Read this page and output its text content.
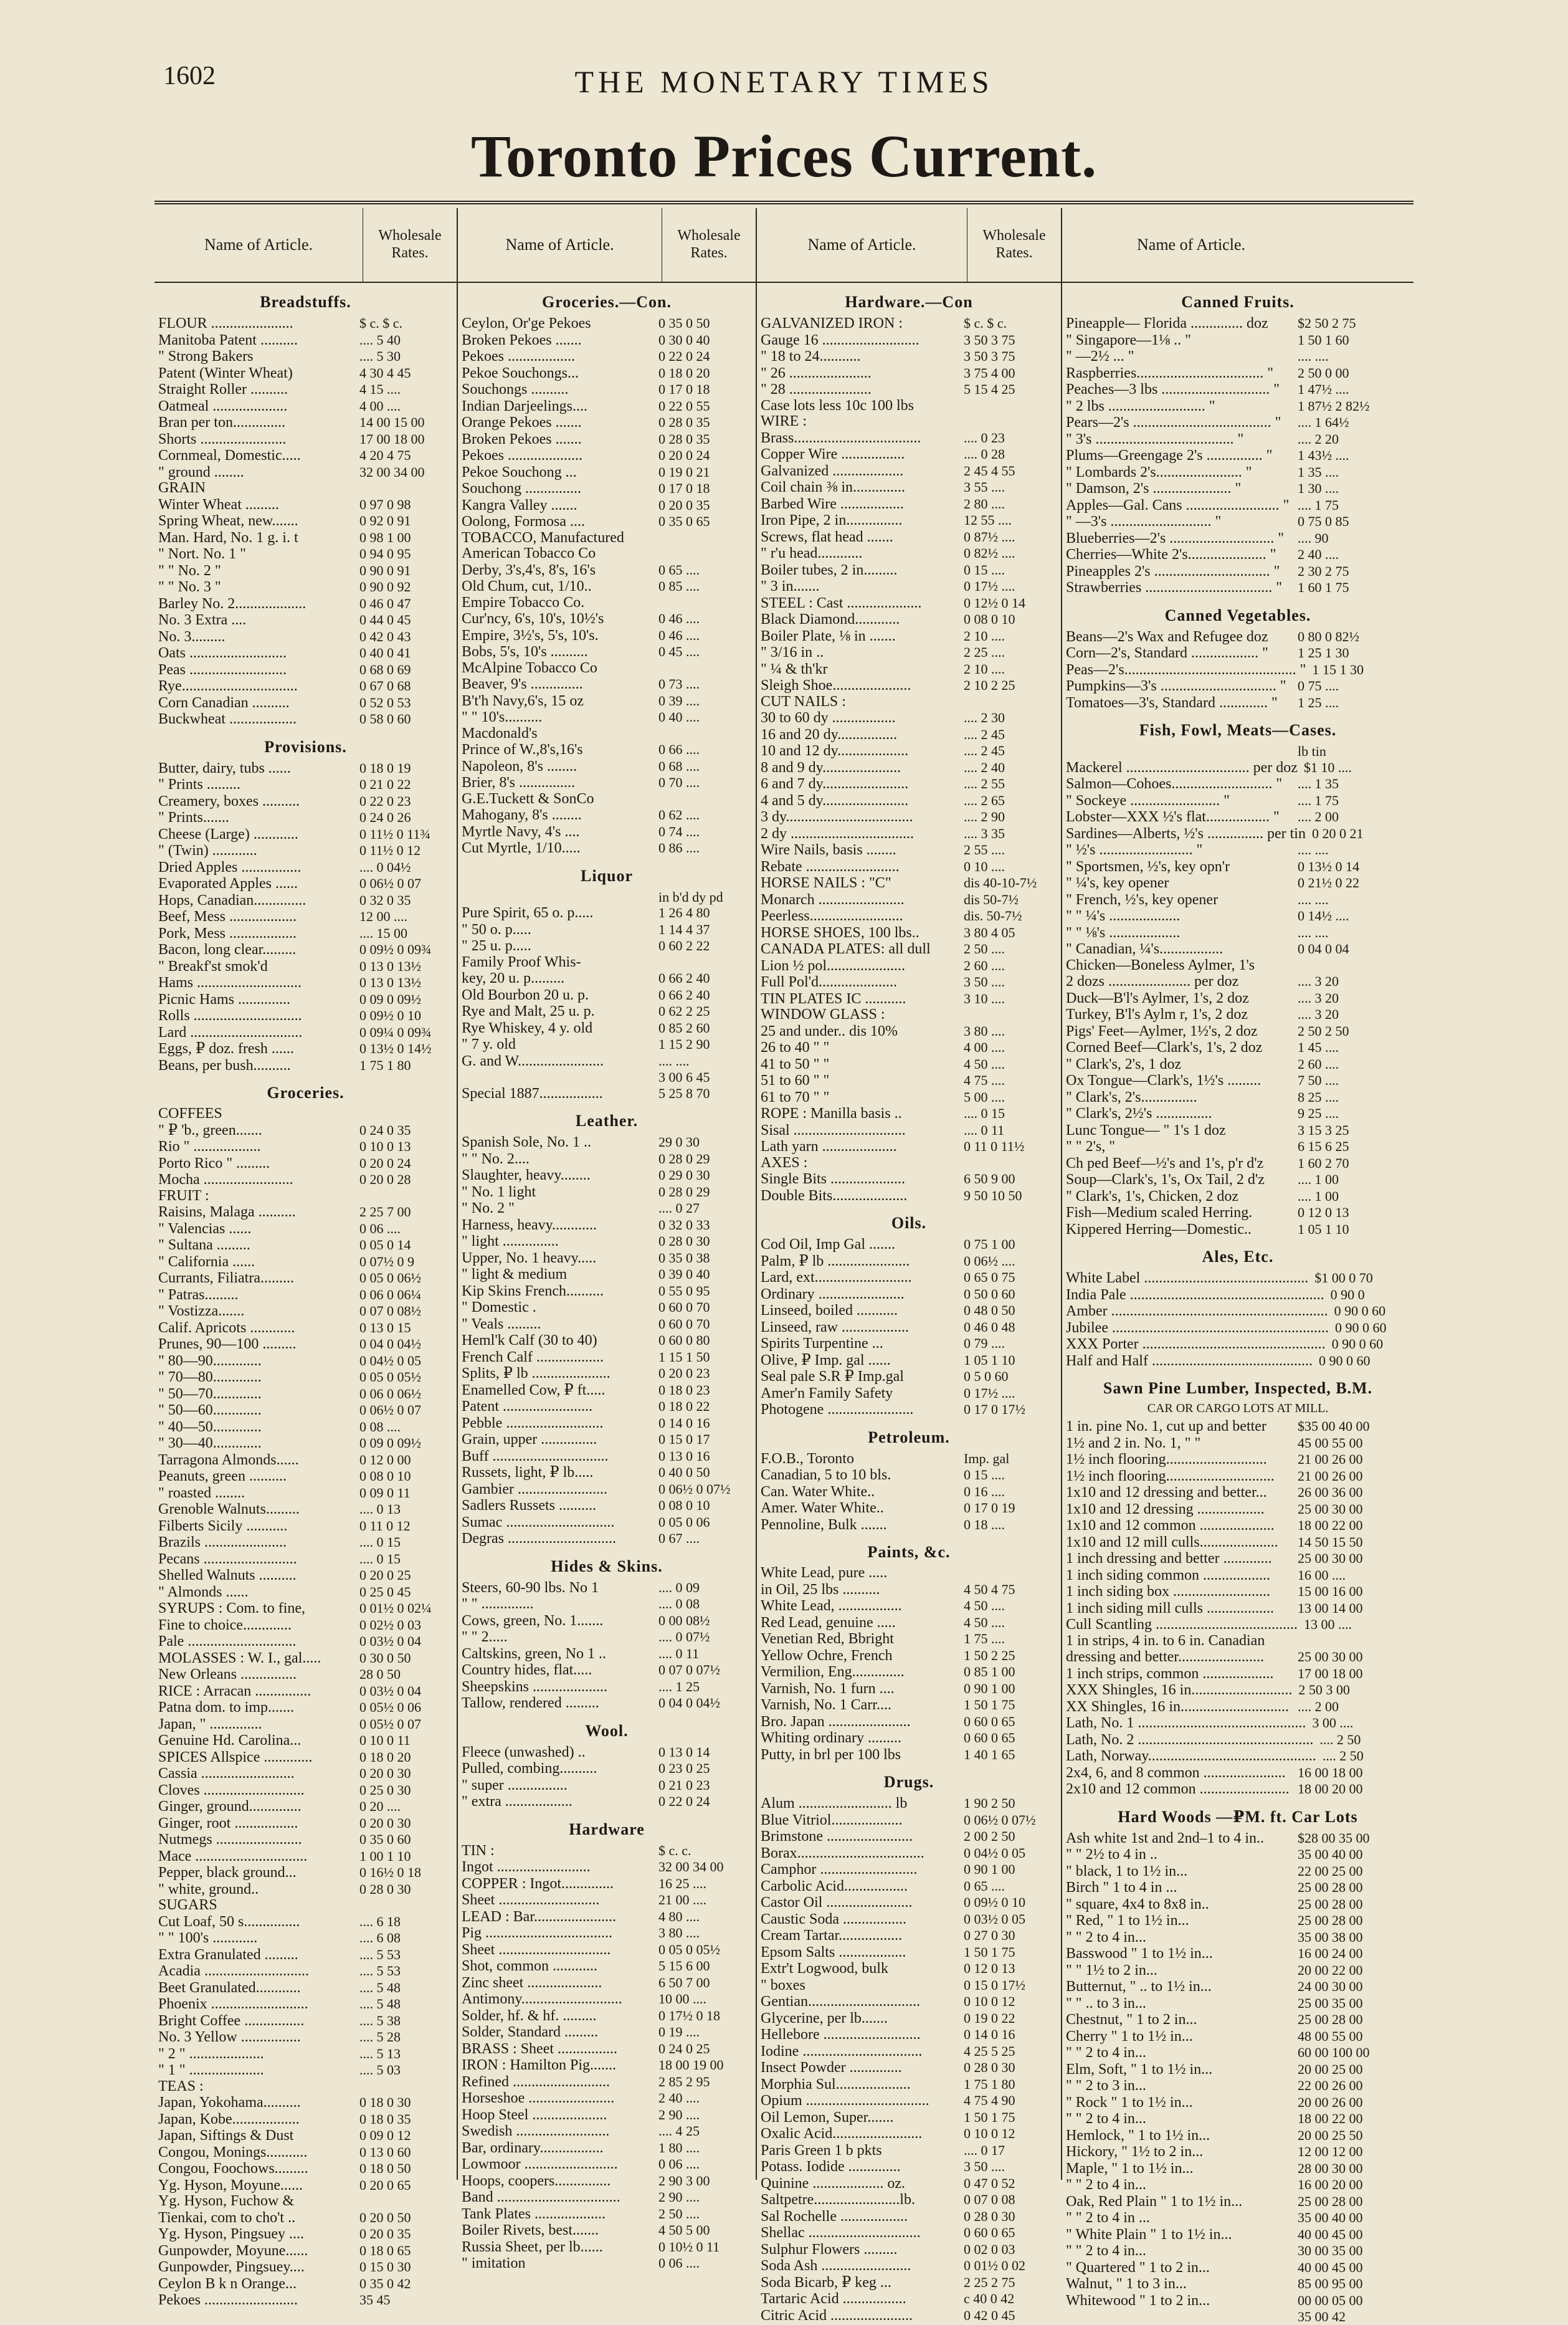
1602	THE MONETARY TIMES
Toronto Prices Current.
Name of Article.	Wholesale Rates.
Breadstuffs.
FLOUR ......................	$ c. $ c.
Manitoba Patent ..........	.... 5 40
" Strong Bakers	.... 5 30
Patent (Winter Wheat)	4 30 4 45
Straight Roller ..........	4 15 ....
Oatmeal ....................	4 00 ....
Bran per ton..............	14 00 15 00
Shorts .......................	17 00 18 00
Cornmeal, Domestic.....	4 20 4 75
" ground ........	32 00 34 00
GRAIN
Winter Wheat .........	0 97 0 98
Spring Wheat, new.......	0 92 0 91
Man. Hard, No. 1 g. i. t	0 98 1 00
" Nort. No. 1 "	0 94 0 95
" " No. 2 "	0 90 0 91
" " No. 3 "	0 90 0 92
Barley No. 2...................	0 46 0 47
No. 3 Extra ....	0 44 0 45
No. 3.........	0 42 0 43
Oats ..........................	0 40 0 41
Peas ..........................	0 68 0 69
Rye...............................	0 67 0 68
Corn Canadian ..........	0 52 0 53
Buckwheat ..................	0 58 0 60
Provisions.
Butter, dairy, tubs ......	0 18 0 19
" Prints .........	0 21 0 22
Creamery, boxes ..........	0 22 0 23
" Prints.......	0 24 0 26
Cheese (Large) ............	0 11½ 0 11¾
" (Twin) ............	0 11½ 0 12
Dried Apples ................	.... 0 04½
Evaporated Apples ......	0 06½ 0 07
Hops, Canadian..............	0 32 0 35
Beef, Mess ..................	12 00 ....
Pork, Mess ..................	.... 15 00
Bacon, long clear.........	0 09½ 0 09¾
" Breakf'st smok'd	0 13 0 13½
Hams ............................	0 13 0 13½
Picnic Hams ..............	0 09 0 09½
Rolls .............................	0 09½ 0 10
Lard ..............................	0 09¼ 0 09¾
Eggs, ₽ doz. fresh ......	0 13½ 0 14½
Beans, per bush..........	1 75 1 80
Groceries.
COFFEES
" ₽ 'b., green.......	0 24 0 35
Rio " ..................	0 10 0 13
Porto Rico " .........	0 20 0 24
Mocha ........................	0 20 0 28
FRUIT :
Raisins, Malaga ..........	2 25 7 00
" Valencias ......	0 06 ....
" Sultana .........	0 05 0 14
" California ......	0 07½ 0 9
Currants, Filiatra.........	0 05 0 06½
" Patras.........	0 06 0 06¼
" Vostizza.......	0 07 0 08½
Calif. Apricots ............	0 13 0 15
Prunes, 90—100 .........	0 04 0 04½
" 80—90.............	0 04½ 0 05
" 70—80.............	0 05 0 05½
" 50—70.............	0 06 0 06½
" 50—60.............	0 06½ 0 07
" 40—50.............	0 08 ....
" 30—40.............	0 09 0 09½
Tarragona Almonds......	0 12 0 00
Peanuts, green ..........	0 08 0 10
" roasted ........	0 09 0 11
Grenoble Walnuts.........	.... 0 13
Filberts Sicily ...........	0 11 0 12
Brazils ......................	.... 0 15
Pecans .........................	.... 0 15
Shelled Walnuts ..........	0 20 0 25
" Almonds ......	0 25 0 45
SYRUPS : Com. to fine,	0 01½ 0 02¼
Fine to choice.............	0 02½ 0 03
Pale .............................	0 03½ 0 04
MOLASSES : W. I., gal.....	0 30 0 50
New Orleans ...............	28 0 50
RICE : Arracan ...............	0 03½ 0 04
Patna dom. to imp.......	0 05½ 0 06
Japan, " ..............	0 05½ 0 07
Genuine Hd. Carolina...	0 10 0 11
SPICES Allspice .............	0 18 0 20
Cassia .........................	0 20 0 30
Cloves ...........................	0 25 0 30
Ginger, ground..............	0 20 ....
Ginger, root .................	0 20 0 30
Nutmegs .......................	0 35 0 60
Mace ..............................	1 00 1 10
Pepper, black ground...	0 16½ 0 18
" white, ground..	0 28 0 30
SUGARS
Cut Loaf, 50 s...............	.... 6 18
" " 100's ............	.... 6 08
Extra Granulated .........	.... 5 53
Acadia ............................	.... 5 53
Beet Granulated............	.... 5 48
Phoenix ..........................	.... 5 48
Bright Coffee ................	.... 5 38
No. 3 Yellow ................	.... 5 28
" 2 " ....................	.... 5 13
" 1 " ....................	.... 5 03
TEAS :
Japan, Yokohama..........	0 18 0 30
Japan, Kobe..................	0 18 0 35
Japan, Siftings & Dust	0 09 0 12
Congou, Monings...........	0 13 0 60
Congou, Foochows.........	0 18 0 50
Yg. Hyson, Moyune......	0 20 0 65
Yg. Hyson, Fuchow &
Tienkai, com to cho't ..	0 20 0 50
Yg. Hyson, Pingsuey ....	0 20 0 35
Gunpowder, Moyune......	0 18 0 65
Gunpowder, Pingsuey....	0 15 0 30
Ceylon B k n Orange...	0 35 0 42
Pekoes .........................	35 45
Name of Article.	Wholesale Rates.
Groceries.—Con.
Ceylon, Or'ge Pekoes	0 35 0 50
Broken Pekoes .......	0 30 0 40
Pekoes ..................	0 22 0 24
Pekoe Souchongs...	0 18 0 20
Souchongs ..........	0 17 0 18
Indian Darjeelings....	0 22 0 55
Orange Pekoes .......	0 28 0 35
Broken Pekoes .......	0 28 0 35
Pekoes ....................	0 20 0 24
Pekoe Souchong ...	0 19 0 21
Souchong ...............	0 17 0 18
Kangra Valley .......	0 20 0 35
Oolong, Formosa ....	0 35 0 65
TOBACCO, Manufactured
American Tobacco Co
Derby, 3's,4's, 8's, 16's	0 65 ....
Old Chum, cut, 1/10..	0 85 ....
Empire Tobacco Co.
Cur'ncy, 6's, 10's, 10½'s	0 46 ....
Empire, 3½'s, 5's, 10's.	0 46 ....
Bobs, 5's, 10's ..........	0 45 ....
McAlpine Tobacco Co
Beaver, 9's ..............	0 73 ....
B't'h Navy,6's, 15 oz	0 39 ....
" " 10's..........	0 40 ....
Macdonald's
Prince of W.,8's,16's	0 66 ....
Napoleon, 8's ........	0 68 ....
Brier, 8's ...............	0 70 ....
G.E.Tuckett & SonCo
Mahogany, 8's ........	0 62 ....
Myrtle Navy, 4's ....	0 74 ....
Cut Myrtle, 1/10.....	0 86 ....
Liquor
in b'd dy pd
Pure Spirit, 65 o. p.....	1 26 4 80
" 50 o. p.....	1 14 4 37
" 25 u. p.....	0 60 2 22
Family Proof Whis-
key, 20 u. p.........	0 66 2 40
Old Bourbon 20 u. p.	0 66 2 40
Rye and Malt, 25 u. p.	0 62 2 25
Rye Whiskey, 4 y. old	0 85 2 60
" 7 y. old	1 15 2 90
G. and W.......................	.... ....
3 00 6 45
Special 1887.................	5 25 8 70
Leather.
Spanish Sole, No. 1 ..	29 0 30
" " No. 2....	0 28 0 29
Slaughter, heavy........	0 29 0 30
" No. 1 light	0 28 0 29
" No. 2 "	.... 0 27
Harness, heavy............	0 32 0 33
" light ...............	0 28 0 30
Upper, No. 1 heavy.....	0 35 0 38
" light & medium	0 39 0 40
Kip Skins French..........	0 55 0 95
" Domestic .	0 60 0 70
" Veals .........	0 60 0 70
Heml'k Calf (30 to 40)	0 60 0 80
French Calf ..................	1 15 1 50
Splits, ₽ lb .....................	0 20 0 23
Enamelled Cow, ₽ ft.....	0 18 0 23
Patent ........................	0 18 0 22
Pebble ..........................	0 14 0 16
Grain, upper ...............	0 15 0 17
Buff ...............................	0 13 0 16
Russets, light, ₽ lb.....	0 40 0 50
Gambier ........................	0 06½ 0 07½
Sadlers Russets ..........	0 08 0 10
Sumac .............................	0 05 0 06
Degras .............................	0 67 ....
Hides & Skins.
Steers, 60-90 lbs. No 1	.... 0 09
" " ..............	.... 0 08
Cows, green, No. 1.......	0 00 08½
" " 2.....	.... 0 07½
Caltskins, green, No 1 ..	.... 0 11
Country hides, flat.....	0 07 0 07½
Sheepskins ....................	.... 1 25
Tallow, rendered .........	0 04 0 04½
Wool.
Fleece (unwashed) ..	0 13 0 14
Pulled, combing..........	0 23 0 25
" super ................	0 21 0 23
" extra ..................	0 22 0 24
Hardware
TIN :	$ c. c.
Ingot .........................	32 00 34 00
COPPER : Ingot..............	16 25 ....
Sheet ...........................	21 00 ....
LEAD : Bar......................	4 80 ....
Pig ..................................	3 80 ....
Sheet ..............................	0 05 0 05½
Shot, common ............	5 15 6 00
Zinc sheet ....................	6 50 7 00
Antimony...........................	10 00 ....
Solder, hf. & hf. .........	0 17½ 0 18
Solder, Standard .........	0 19 ....
BRASS : Sheet ................	0 24 0 25
IRON : Hamilton Pig.......	18 00 19 00
Refined ..........................	2 85 2 95
Horseshoe .......................	2 40 ....
Hoop Steel ....................	2 90 ....
Swedish .........................	.... 4 25
Bar, ordinary.................	1 80 ....
Lowmoor .........................	0 06 ....
Hoops, coopers...............	2 90 3 00
Band .................................	2 90 ....
Tank Plates ...................	2 50 ....
Boiler Rivets, best.......	4 50 5 00
Russia Sheet, per lb......	0 10½ 0 11
" imitation	0 06 ....
Name of Article.	Wholesale Rates.
Hardware.—Con
GALVANIZED IRON :	$ c. $ c.
Gauge 16 ..........................	3 50 3 75
" 18 to 24...........	3 50 3 75
" 26 ......................	3 75 4 00
" 28 ......................	5 15 4 25
Case lots less 10c 100 lbs
WIRE :
Brass..................................	.... 0 23
Copper Wire .................	.... 0 28
Galvanized ...................	2 45 4 55
Coil chain ⅜ in..............	3 55 ....
Barbed Wire .................	2 80 ....
Iron Pipe, 2 in...............	12 55 ....
Screws, flat head .......	0 87½ ....
" r'u head............	0 82½ ....
Boiler tubes, 2 in.........	0 15 ....
" 3 in.......	0 17½ ....
STEEL : Cast ....................	0 12½ 0 14
Black Diamond............	0 08 0 10
Boiler Plate, ⅛ in .......	2 10 ....
" 3/16 in ..	2 25 ....
" ¼ & th'kr	2 10 ....
Sleigh Shoe.....................	2 10 2 25
CUT NAILS :
30 to 60 dy .................	.... 2 30
16 and 20 dy................	.... 2 45
10 and 12 dy...................	.... 2 45
8 and 9 dy.....................	.... 2 40
6 and 7 dy.......................	.... 2 55
4 and 5 dy.......................	.... 2 65
3 dy..................................	.... 2 90
2 dy .................................	.... 3 35
Wire Nails, basis ........	2 55 ....
Rebate .........................	0 10 ....
HORSE NAILS : "C"	dis 40-10-7½
Monarch .......................	dis 50-7½
Peerless.........................	dis. 50-7½
HORSE SHOES, 100 lbs..	3 80 4 05
CANADA PLATES: all dull	2 50 ....
Lion ½ pol.....................	2 60 ....
Full Pol'd.....................	3 50 ....
TIN PLATES IC ...........	3 10 ....
WINDOW GLASS :
25 and under.. dis 10%	3 80 ....
26 to 40 " "	4 00 ....
41 to 50 " "	4 50 ....
51 to 60 " "	4 75 ....
61 to 70 " "	5 00 ....
ROPE : Manilla basis ..	.... 0 15
Sisal ..............................	.... 0 11
Lath yarn ....................	0 11 0 11½
AXES :
Single Bits ....................	6 50 9 00
Double Bits....................	9 50 10 50
Oils.
Cod Oil, Imp Gal .......	0 75 1 00
Palm, ₽ lb ......................	0 06½ ....
Lard, ext..........................	0 65 0 75
Ordinary .......................	0 50 0 60
Linseed, boiled ...........	0 48 0 50
Linseed, raw ..................	0 46 0 48
Spirits Turpentine ...	0 79 ....
Olive, ₽ Imp. gal ......	1 05 1 10
Seal pale S.R ₽ Imp.gal	0 5 0 60
Amer'n Family Safety	0 17½ ....
Photogene .......................	0 17 0 17½
Petroleum.
F.O.B., Toronto	Imp. gal
Canadian, 5 to 10 bls.	0 15 ....
Can. Water White..	0 16 ....
Amer. Water White..	0 17 0 19
Pennoline, Bulk .......	0 18 ....
Paints, &c.
White Lead, pure .....
in Oil, 25 lbs ..........	4 50 4 75
White Lead, .................	4 50 ....
Red Lead, genuine .....	4 50 ....
Venetian Red, Bbright	1 75 ....
Yellow Ochre, French	1 50 2 25
Vermilion, Eng..............	0 85 1 00
Varnish, No. 1 furn ....	0 90 1 00
Varnish, No. 1 Carr....	1 50 1 75
Bro. Japan ......................	0 60 0 65
Whiting ordinary .........	0 60 0 65
Putty, in brl per 100 lbs	1 40 1 65
Drugs.
Alum ......................... lb	1 90 2 50
Blue Vitriol...................	0 06½ 0 07½
Brimstone .......................	2 00 2 50
Borax..................................	0 04½ 0 05
Camphor ..........................	0 90 1 00
Carbolic Acid.................	0 65 ....
Castor Oil .......................	0 09½ 0 10
Caustic Soda .................	0 03½ 0 05
Cream Tartar.................	0 27 0 30
Epsom Salts ..................	1 50 1 75
Extr't Logwood, bulk	0 12 0 13
" boxes	0 15 0 17½
Gentian..............................	0 10 0 12
Glycerine, per lb.......	0 19 0 22
Hellebore ..........................	0 14 0 16
Iodine ................................	4 25 5 25
Insect Powder ..............	0 28 0 30
Morphia Sul....................	1 75 1 80
Opium .................................	4 75 4 90
Oil Lemon, Super.......	1 50 1 75
Oxalic Acid........................	0 10 0 12
Paris Green 1 b pkts	.... 0 17
Potass. Iodide ..............	3 50 ....
Quinine ................... oz.	0 47 0 52
Saltpetre.......................lb.	0 07 0 08
Sal Rochelle ..................	0 28 0 30
Shellac ..............................	0 60 0 65
Sulphur Flowers .........	0 02 0 03
Soda Ash ........................	0 01½ 0 02
Soda Bicarb, ₽ keg ...	2 25 2 75
Tartaric Acid .................	c 40 0 42
Citric Acid ......................	0 42 0 45
Name of Article.
Canned Fruits.
Pineapple— Florida .............. doz	$2 50 2 75
" Singapore—1⅛ .. "	1 50 1 60
" —2½ ... "	.... ....
Raspberries.................................. "	2 50 0 00
Peaches—3 lbs ............................. "	1 47½ ....
" 2 lbs .......................... "	1 87½ 2 82½
Pears—2's ..................................... "	.... 1 64½
" 3's ..................................... "	.... 2 20
Plums—Greengage 2's ............... "	1 43½ ....
" Lombards 2's....................... "	1 35 ....
" Damson, 2's ..................... "	1 30 ....
Apples—Gal. Cans ......................... " .... 1 75
" —3's ........................... "	0 75 0 85
Blueberries—2's ............................ " .... 90
Cherries—White 2's..................... "	2 40 ....
Pineapples 2's ............................... "	2 30 2 75
Strawberries .................................. "	1 60 1 75
Canned Vegetables.
Beans—2's Wax and Refugee doz	0 80 0 82½
Corn—2's, Standard .................. "	1 25 1 30
Peas—2's.............................................. " 1 15 1 30
Pumpkins—3's ............................... " 0 75 ....
Tomatoes—3's, Standard ............. "	1 25 ....
Fish, Fowl, Meats—Cases.
lb tin
Mackerel ................................. per doz $1 10 ....
Salmon—Cohoes........................... "	.... 1 35
" Sockeye ........................ "	.... 1 75
Lobster—XXX ½'s flat................. "	.... 2 00
Sardines—Alberts, ½'s ............... per tin 0 20 0 21
" ½'s ......................... "	.... ....
" Sportsmen, ½'s, key opn'r	0 13½ 0 14
" ¼'s, key opener	0 21½ 0 22
" French, ½'s, key opener	.... ....
" " ¼'s ...................	0 14½ ....
" " ⅛'s ...................	.... ....
" Canadian, ¼'s.................	0 04 0 04
Chicken—Boneless Aylmer, 1's
2 dozs ...................... per doz	.... 3 20
Duck—B'l's Aylmer, 1's, 2 doz	.... 3 20
Turkey, B'l's Aylm r, 1's, 2 doz	.... 3 20
Pigs' Feet—Aylmer, 1½'s, 2 doz	2 50 2 50
Corned Beef—Clark's, 1's, 2 doz	1 45 ....
" Clark's, 2's, 1 doz	2 60 ....
Ox Tongue—Clark's, 1½'s .........	7 50 ....
" Clark's, 2's...............	8 25 ....
" Clark's, 2½'s ...............	9 25 ....
Lunc Tongue— " 1's 1 doz	3 15 3 25
" " 2's, "	6 15 6 25
Ch ped Beef—½'s and 1's, p'r d'z	1 60 2 70
Soup—Clark's, 1's, Ox Tail, 2 d'z	.... 1 00
" Clark's, 1's, Chicken, 2 doz	.... 1 00
Fish—Medium scaled Herring.	0 12 0 13
Kippered Herring—Domestic..	1 05 1 10
Ales, Etc.
White Label ............................................ $1 00 0 70
India Pale .................................................... 0 90 0
Amber .......................................................... 0 90 0 60
Jubilee .......................................................... 0 90 0 60
XXX Porter ................................................. 0 90 0 60
Half and Half ........................................... 0 90 0 60
Sawn Pine Lumber, Inspected, B.M.
CAR OR CARGO LOTS AT MILL.
1 in. pine No. 1, cut up and better	$35 00 40 00
1½ and 2 in. No. 1, " "	45 00 55 00
1½ inch flooring...........................	21 00 26 00
1½ inch flooring.............................	21 00 26 00
1x10 and 12 dressing and better...	26 00 36 00
1x10 and 12 dressing ..................	25 00 30 00
1x10 and 12 common ....................	18 00 22 00
1x10 and 12 mill culls.....................	14 50 15 50
1 inch dressing and better .............	25 00 30 00
1 inch siding common ..................	16 00 ....
1 inch siding box ..........................	15 00 16 00
1 inch siding mill culls ..................	13 00 14 00
Cull Scantling ...................................... 13 00 ....
1 in strips, 4 in. to 6 in. Canadian
dressing and better.......................	25 00 30 00
1 inch strips, common ...................	17 00 18 00
XXX Shingles, 16 in........................... 2 50 3 00
XX Shingles, 16 in............................. .... 2 00
Lath, No. 1 ............................................. 3 00 ....
Lath, No. 2 ............................................... .... 2 50
Lath, Norway............................................. .... 2 50
2x4, 6, and 8 common ...................... 16 00 18 00
2x10 and 12 common ........................ 18 00 20 00
Hard Woods —₽M. ft. Car Lots
Ash white 1st and 2nd–1 to 4 in..	$28 00 35 00
" " 2½ to 4 in ..	35 00 40 00
" black, 1 to 1½ in...	22 00 25 00
Birch " 1 to 4 in ...	25 00 28 00
" square, 4x4 to 8x8 in..	25 00 28 00
" Red, " 1 to 1½ in...	25 00 28 00
" " 2 to 4 in...	35 00 38 00
Basswood " 1 to 1½ in...	16 00 24 00
" " 1½ to 2 in...	20 00 22 00
Butternut, " .. to 1½ in...	24 00 30 00
" " .. to 3 in...	25 00 35 00
Chestnut, " 1 to 2 in...	25 00 28 00
Cherry " 1 to 1½ in...	48 00 55 00
" " 2 to 4 in...	60 00 100 00
Elm, Soft, " 1 to 1½ in...	20 00 25 00
" " 2 to 3 in...	22 00 26 00
" Rock " 1 to 1½ in...	20 00 26 00
" " 2 to 4 in...	18 00 22 00
Hemlock, " 1 to 1½ in...	20 00 25 50
Hickory, " 1½ to 2 in...	12 00 12 00
Maple, " 1 to 1½ in...	28 00 30 00
" " 2 to 4 in...	16 00 20 00
Oak, Red Plain " 1 to 1½ in...	25 00 28 00
" " 2 to 4 in ...	35 00 40 00
" White Plain " 1 to 1½ in...	40 00 45 00
" " 2 to 4 in...	30 00 35 00
" Quartered " 1 to 2 in...	40 00 45 00
Walnut, " 1 to 3 in...	85 00 95 00
Whitewood " 1 to 2 in...	00 00 05 00
35 00 42
